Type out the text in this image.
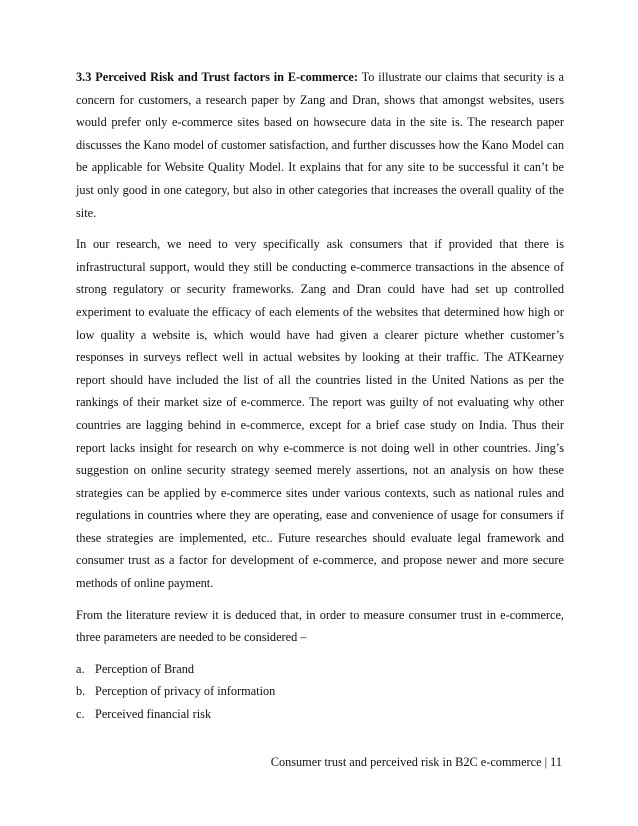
3.3 Perceived Risk and Trust factors in E-commerce: To illustrate our claims that security is a concern for customers, a research paper by Zang and Dran, shows that amongst websites, users would prefer only e-commerce sites based on howsecure data in the site is. The research paper discusses the Kano model of customer satisfaction, and further discusses how the Kano Model can be applicable for Website Quality Model. It explains that for any site to be successful it can’t be just only good in one category, but also in other categories that increases the overall quality of the site.

In our research, we need to very specifically ask consumers that if provided that there is infrastructural support, would they still be conducting e-commerce transactions in the absence of strong regulatory or security frameworks. Zang and Dran could have had set up controlled experiment to evaluate the efficacy of each elements of the websites that determined how high or low quality a website is, which would have had given a clearer picture whether customer’s responses in surveys reflect well in actual websites by looking at their traffic. The ATKearney report should have included the list of all the countries listed in the United Nations as per the rankings of their market size of e-commerce. The report was guilty of not evaluating why other countries are lagging behind in e-commerce, except for a brief case study on India. Thus their report lacks insight for research on why e-commerce is not doing well in other countries. Jing’s suggestion on online security strategy seemed merely assertions, not an analysis on how these strategies can be applied by e-commerce sites under various contexts, such as national rules and regulations in countries where they are operating, ease and convenience of usage for consumers if these strategies are implemented, etc.. Future researches should evaluate legal framework and consumer trust as a factor for development of e-commerce, and propose newer and more secure methods of online payment.

From the literature review it is deduced that, in order to measure consumer trust in e-commerce, three parameters are needed to be considered –

a. Perception of Brand
b. Perception of privacy of information
c. Perceived financial risk
Consumer trust and perceived risk in B2C e-commerce | 11
